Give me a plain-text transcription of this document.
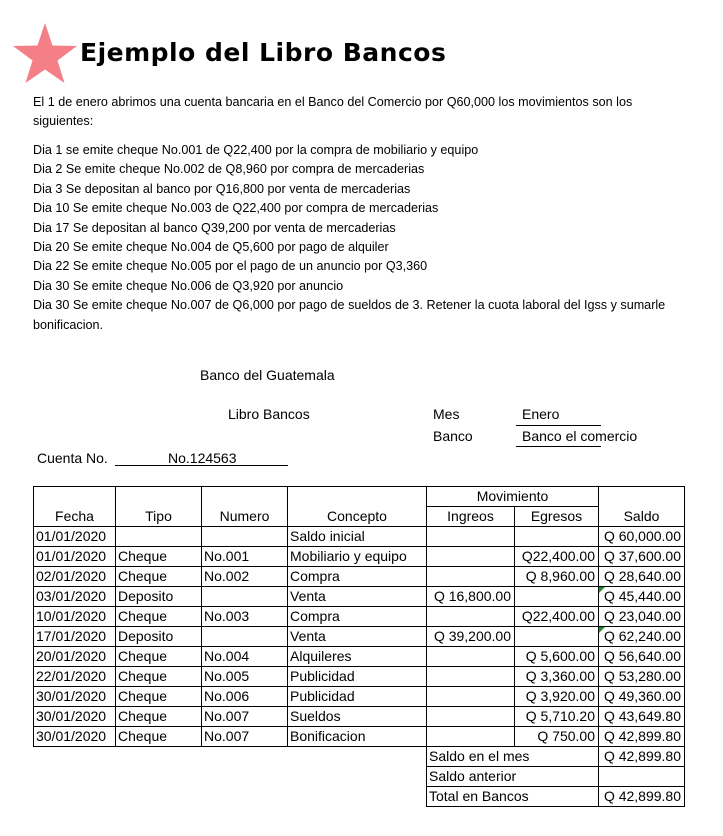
Ejemplo del Libro Bancos
El 1 de enero abrimos una cuenta bancaria en el Banco del Comercio por Q60,000 los movimientos son los siguientes:
Dia 1 se emite cheque No.001 de Q22,400 por la compra de mobiliario y equipo
Dia 2 Se emite cheque No.002 de Q8,960 por compra de mercaderias
Dia 3 Se depositan al banco por Q16,800 por venta de mercaderias
Dia 10 Se emite cheque No.003 de Q22,400 por compra de mercaderias
Dia 17 Se depositan al banco Q39,200 por venta de mercaderias
Dia 20 Se emite cheque No.004 de Q5,600 por pago de alquiler
Dia 22 Se emite cheque No.005 por el pago de un anuncio por Q3,360
Dia 30 Se emite cheque No.006 de Q3,920 por anuncio
Dia 30 Se emite cheque No.007 de Q6,000 por pago de sueldos de 3. Retener la cuota laboral del Igss y sumarle bonificacion.
Banco del Guatemala
Libro Bancos	Mes	Enero
Banco	Banco el comercio
Cuenta No.	No.124563
				Movimiento		
Fecha	Tipo	Numero	Concepto	Ingreos	Egresos	Saldo
01/01/2020			Saldo inicial			Q 60,000.00
01/01/2020	Cheque	No.001	Mobiliario y equipo		Q22,400.00	Q 37,600.00
02/01/2020	Cheque	No.002	Compra		Q 8,960.00	Q 28,640.00
03/01/2020	Deposito		Venta	Q 16,800.00		Q 45,440.00

10/01/2020	Cheque	No.003	Compra		Q22,400.00	Q 23,040.00
17/01/2020	Deposito		Venta	Q 39,200.00		Q 62,240.00

20/01/2020	Cheque	No.004	Alquileres		Q 5,600.00	Q 56,640.00
22/01/2020	Cheque	No.005	Publicidad		Q 3,360.00	Q 53,280.00
30/01/2020	Cheque	No.006	Publicidad		Q 3,920.00	Q 49,360.00
30/01/2020	Cheque	No.007	Sueldos		Q 5,710.20	Q 43,649.80
30/01/2020	Cheque	No.007	Bonificacion		Q 750.00	Q 42,899.80
				Saldo en el mes		Q 42,899.80
				Saldo anterior		
				Total en Bancos		Q 42,899.80
